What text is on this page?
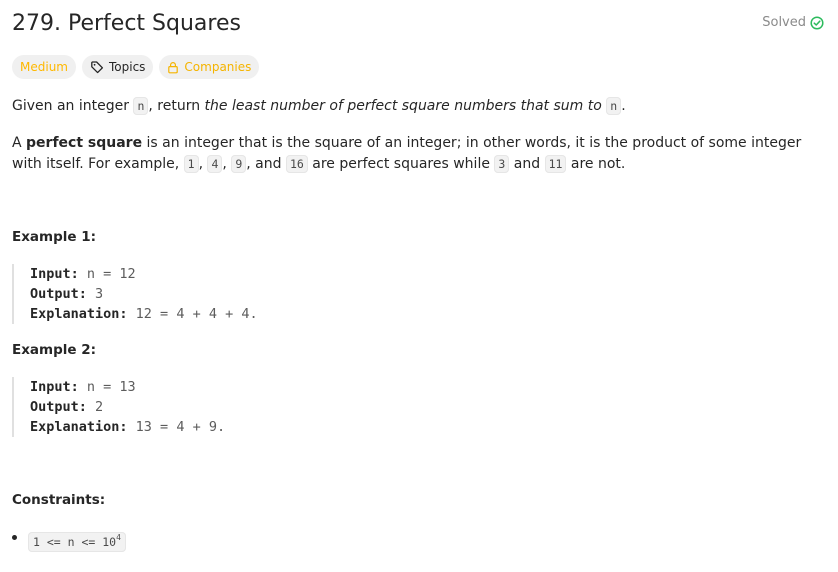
279. Perfect Squares	Solved
Medium	Topics	Companies
Given an integer n , return the least number of perfect square numbers that sum to n .
A perfect square is an integer that is the square of an integer; in other words, it is the product of some integer with itself. For example, 1 , 4 , 9 , and 16 are perfect squares while 3 and 11 are not.
Example 1:
Input: n = 12
Output: 3
Explanation: 12 = 4 + 4 + 4.
Example 2:
Input: n = 13
Output: 2
Explanation: 13 = 4 + 9.
Constraints:
$1 <= n <= 10^4$
